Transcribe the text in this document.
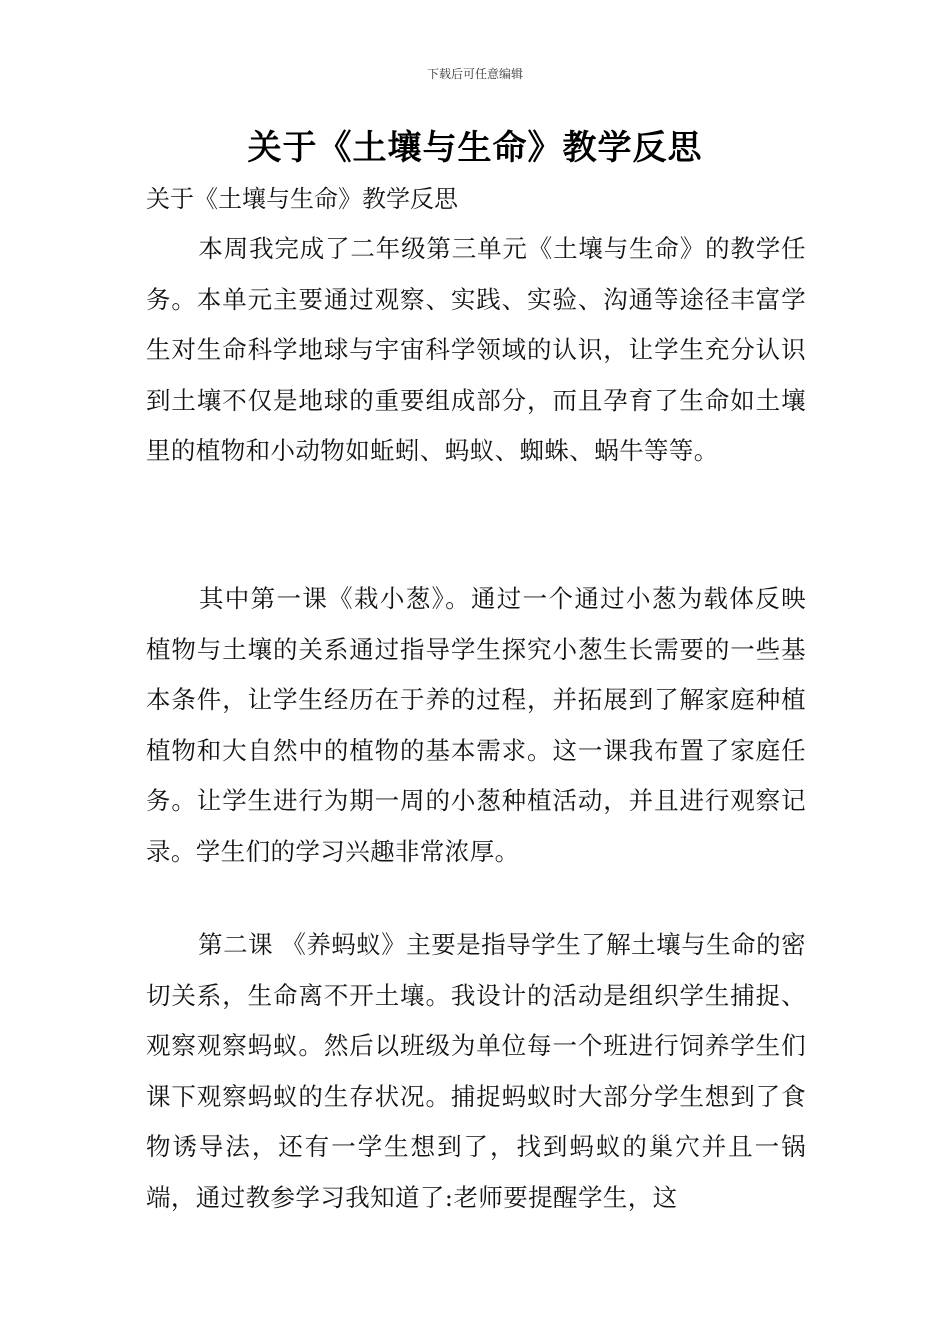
下载后可任意编辑
关于《土壤与生命》教学反思
关于《土壤与生命》教学反思
本周我完成了二年级第三单元《土壤与生命》的教学任务。本单元主要通过观察、实践、实验、沟通等途径丰富学生对生命科学地球与宇宙科学领域的认识，让学生充分认识到土壤不仅是地球的重要组成部分，而且孕育了生命如土壤里的植物和小动物如蚯蚓、蚂蚁、蜘蛛、蜗牛等等。
其中第一课《栽小葱》。通过一个通过小葱为载体反映植物与土壤的关系通过指导学生探究小葱生长需要的一些基本条件，让学生经历在于养的过程，并拓展到了解家庭种植植物和大自然中的植物的基本需求。这一课我布置了家庭任务。让学生进行为期一周的小葱种植活动，并且进行观察记录。学生们的学习兴趣非常浓厚。
第二课 《养蚂蚁》主要是指导学生了解土壤与生命的密切关系，生命离不开土壤。我设计的活动是组织学生捕捉、观察观察蚂蚁。然后以班级为单位每一个班进行饲养学生们课下观察蚂蚁的生存状况。捕捉蚂蚁时大部分学生想到了食物诱导法，还有一学生想到了，找到蚂蚁的巢穴并且一锅端，通过教参学习我知道了:老师要提醒学生，这
